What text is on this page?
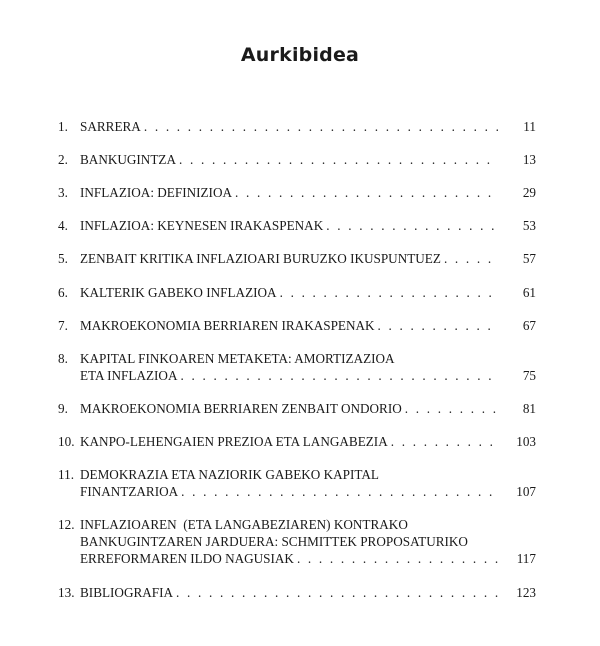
Aurkibidea
1. SARRERA . . .	11
2. BANKUGINTZA . . .	13
3. INFLAZIOA: DEFINIZIOA . . .	29
4. INFLAZIOA: KEYNESEN IRAKASPENAK . . .	53
5. ZENBAIT KRITIKA INFLAZIOARI BURUZKO IKUSPUNTUEZ . . .	57
6. KALTERIK GABEKO INFLAZIOA . . .	61
7. MAKROEKONOMIA BERRIAREN IRAKASPENAK . . .	67
8. KAPITAL FINKOAREN METAKETA: AMORTIZAZIOA
ETA INFLAZIOA . . .	75
9. MAKROEKONOMIA BERRIAREN ZENBAIT ONDORIO . . .	81
10. KANPO-LEHENGAIEN PREZIOA ETA LANGABEZIA . . .	103
11. DEMOKRAZIA ETA NAZIORIK GABEKO KAPITAL
FINANTZARIOA . . .	107
12. INFLAZIOAREN  (ETA LANGABEZIAREN) KONTRAKO
BANKUGINTZAREN JARDUERA: SCHMITTEK PROPOSATURIKO
ERREFORMAREN ILDO NAGUSIAK . . .	117
13. BIBLIOGRAFIA . . .	123
